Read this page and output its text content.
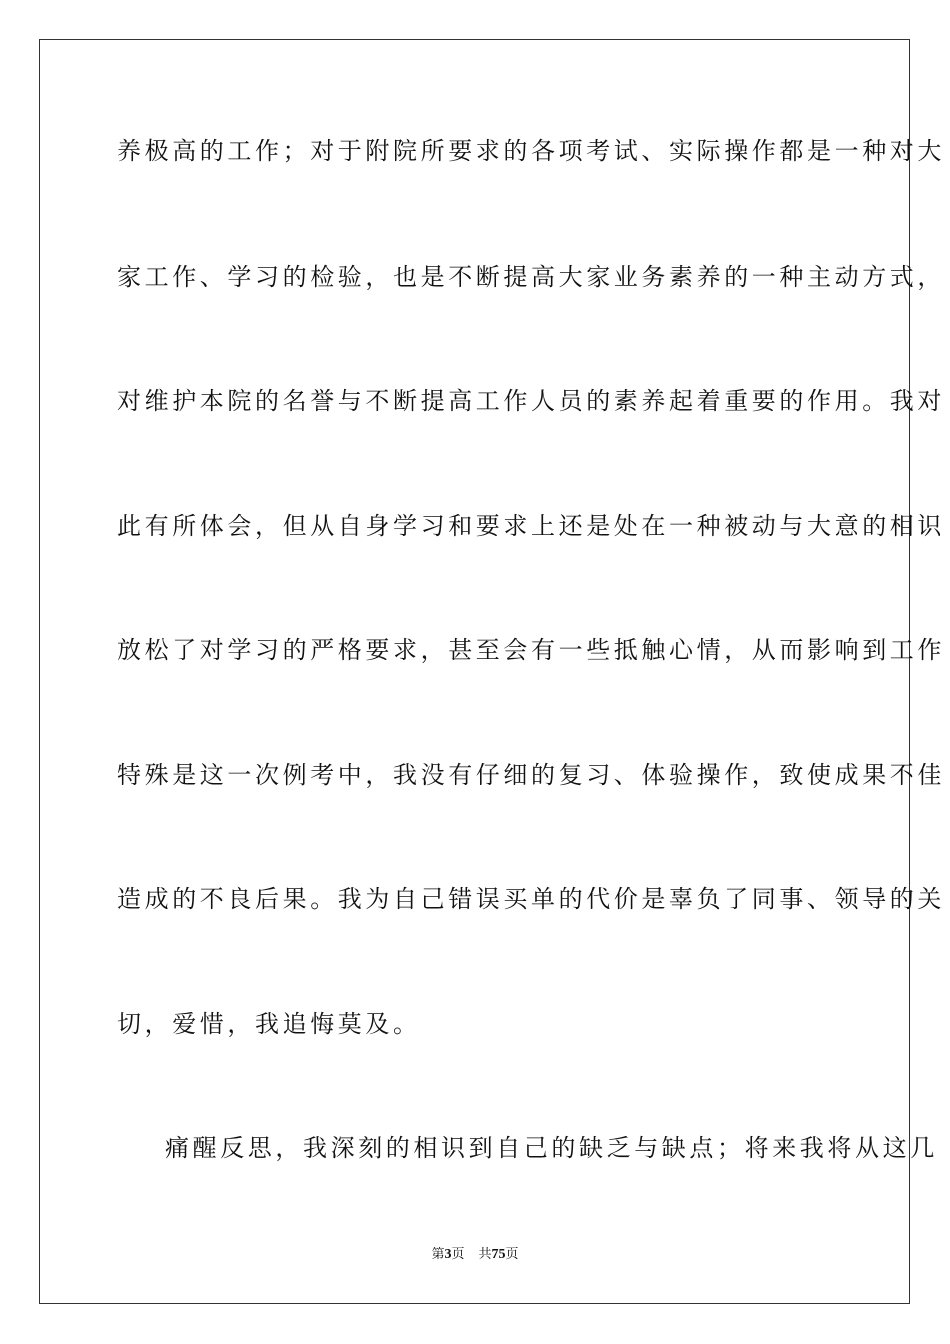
养极高的工作；对于附院所要求的各项考试、实际操作都是一种对大
家工作、学习的检验，也是不断提高大家业务素养的一种主动方式，
对维护本院的名誉与不断提高工作人员的素养起着重要的作用。我对
此有所体会，但从自身学习和要求上还是处在一种被动与大意的相识
放松了对学习的严格要求，甚至会有一些抵触心情，从而影响到工作
特殊是这一次例考中，我没有仔细的复习、体验操作，致使成果不佳
造成的不良后果。我为自己错误买单的代价是辜负了同事、领导的关
切，爱惜，我追悔莫及。
痛醒反思，我深刻的相识到自己的缺乏与缺点；将来我将从这几
第3页 共75页
